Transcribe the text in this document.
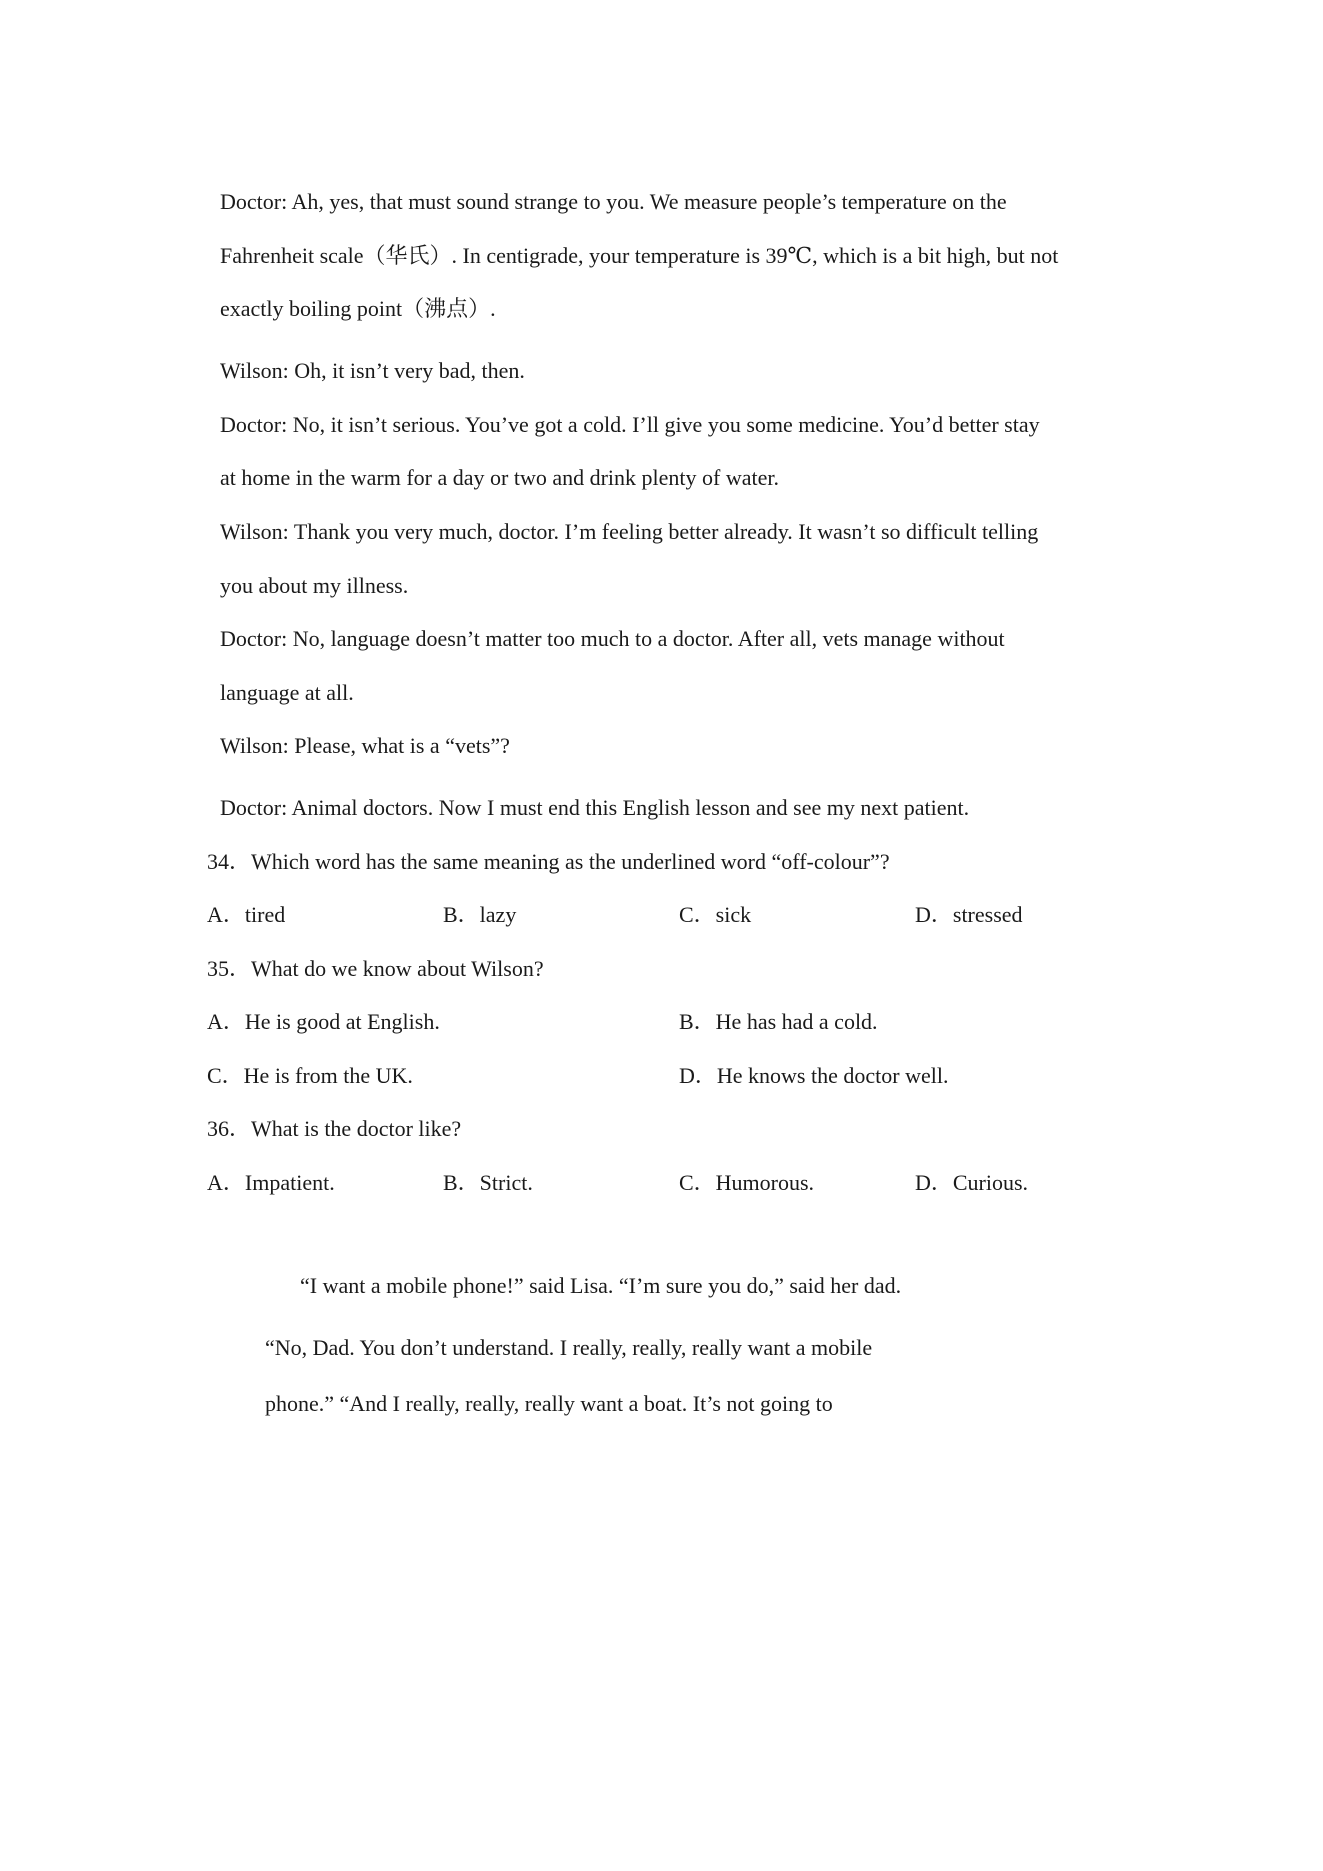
Doctor: Ah, yes, that must sound strange to you. We measure people’s temperature on the
Fahrenheit scale（华氏）. In centigrade, your temperature is 39℃, which is a bit high, but not
exactly boiling point（沸点）.
Wilson: Oh, it isn’t very bad, then.
Doctor: No, it isn’t serious. You’ve got a cold. I’ll give you some medicine. You’d better stay
at home in the warm for a day or two and drink plenty of water.
Wilson: Thank you very much, doctor. I’m feeling better already. It wasn’t so difficult telling
you about my illness.
Doctor: No, language doesn’t matter too much to a doctor. After all, vets manage without
language at all.
Wilson: Please, what is a “vets”?
Doctor: Animal doctors. Now I must end this English lesson and see my next patient.
34．Which word has the same meaning as the underlined word “off-colour”?
A．tired	B．lazy	C．sick	D．stressed
35．What do we know about Wilson?
A．He is good at English.	B．He has had a cold.
C．He is from the UK.	D．He knows the doctor well.
36．What is the doctor like?
A．Impatient.	B．Strict.	C．Humorous.	D．Curious.
“I want a mobile phone!” said Lisa. “I’m sure you do,” said her dad.
“No, Dad. You don’t understand. I really, really, really want a mobile
phone.” “And I really, really, really want a boat. It’s not going to
